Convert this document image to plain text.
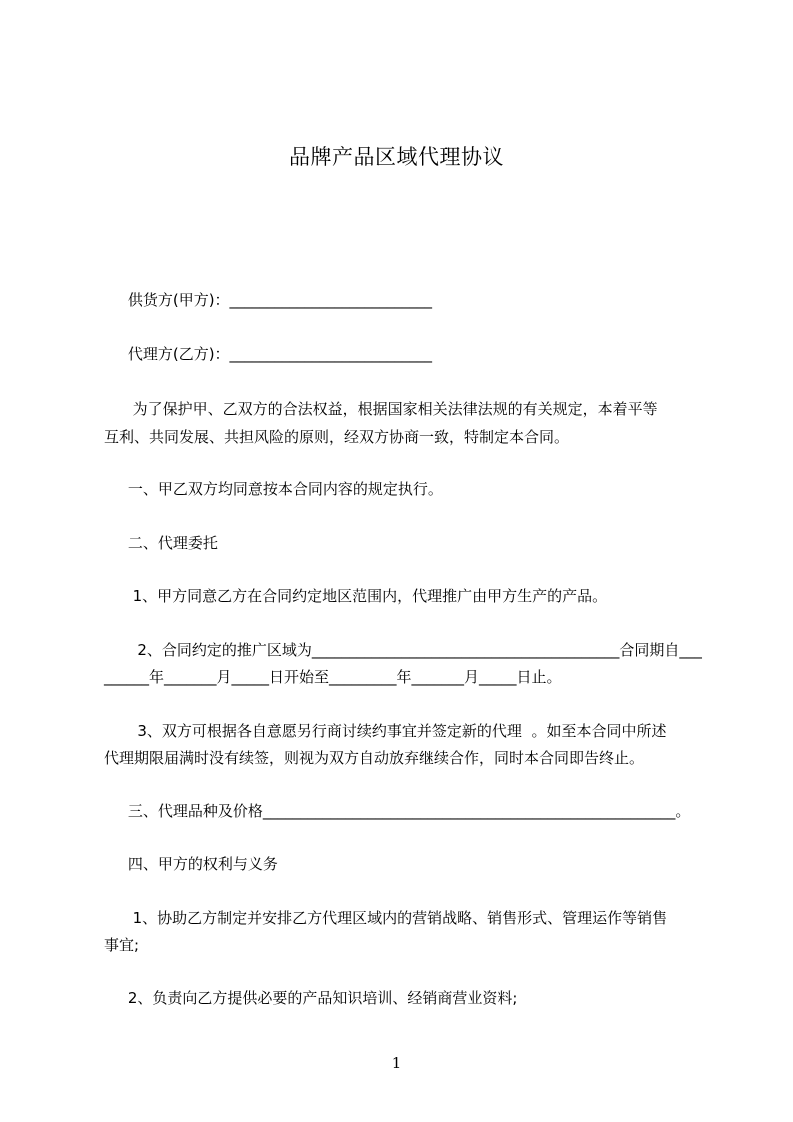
品牌产品区域代理协议
供货方(甲方)：___________________________
代理方(乙方)：___________________________
为了保护甲、乙双方的合法权益，根据国家相关法律法规的有关规定，本着平等
互利、共同发展、共担风险的原则，经双方协商一致，特制定本合同。
一、甲乙双方均同意按本合同内容的规定执行。
二、代理委托
1、甲方同意乙方在合同约定地区范围内，代理推广由甲方生产的产品。
2、合同约定的推广区域为_________________________________________合同期自___
______年_______月_____日开始至_________年_______月_____日止。
3、双方可根据各自意愿另行商讨续约事宜并签定新的代理  。如至本合同中所述
代理期限届满时没有续签，则视为双方自动放弃继续合作，同时本合同即告终止。
三、代理品种及价格_______________________________________________________。
四、甲方的权利与义务
1、协助乙方制定并安排乙方代理区域内的营销战略、销售形式、管理运作等销售
事宜;
2、负责向乙方提供必要的产品知识培训、经销商营业资料;
1
